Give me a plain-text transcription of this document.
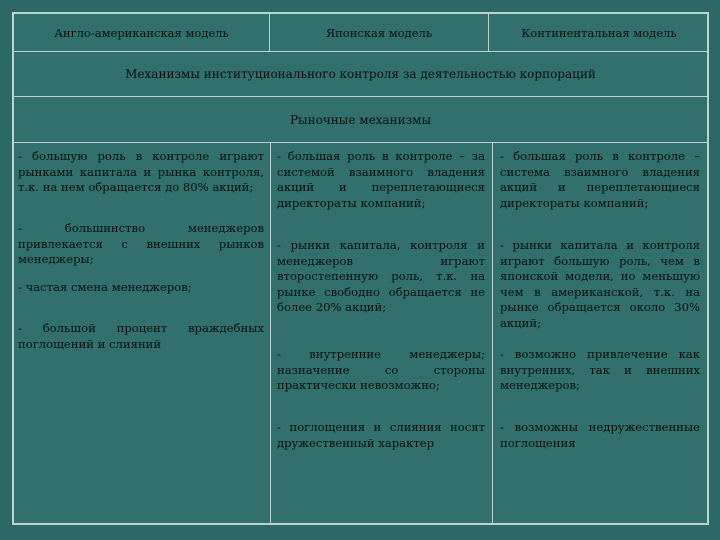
Англо-американская модель	Японская модель	Континентальная модель
Механизмы институционального контроля за деятельностью корпораций
Рыночные механизмы

- большую роль в контроле играют рынками капитала и рынка контроля, т.к. на нем обращается до 80% акций;

- большинство менеджеров привлекается с внешних рынков менеджеры;

- частая смена менеджеров;

- большой процент враждебных поглощений и слияний

- большая роль в контроле – за системой взаимного владения акций и переплетающиеся директораты компаний;

- рынки капитала, контроля и менеджеров играют второстепенную роль, т.к. на рынке свободно обращается не более 20% акций;

- внутренние менеджеры; назначение со стороны практически невозможно;

- поглощения и слияния носят дружественный характер

- большая роль в контроле – система взаимного владения акций и переплетающиеся директораты компаний;

- рынки капитала и контроля играют большую роль, чем в японской модели, но меньшую чем в американской, т.к. на рынке обращается около 30% акций;

- возможно привлечение как внутренних, так и внешних менеджеров;

- возможны недружественные поглощения
